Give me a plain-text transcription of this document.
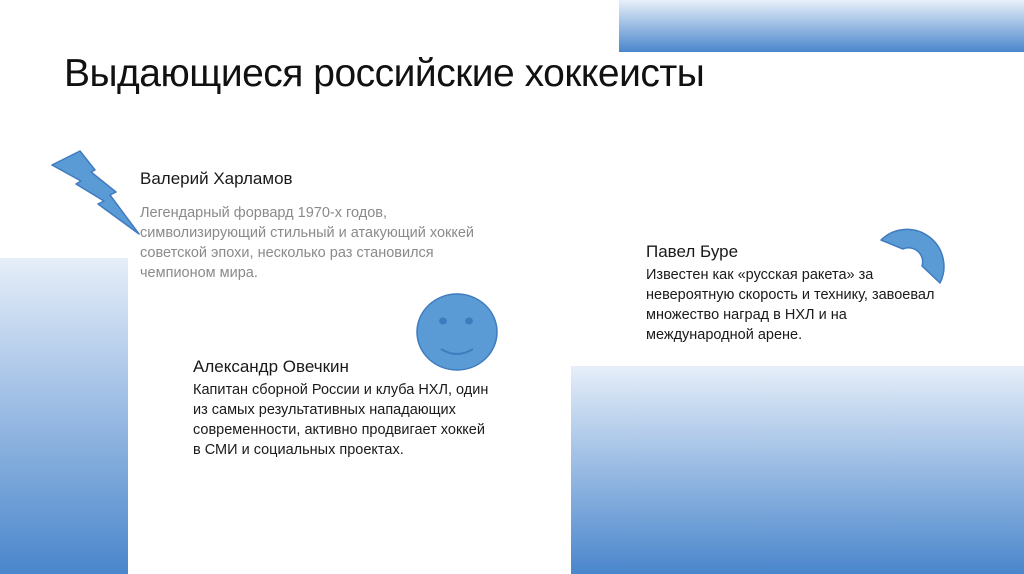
Выдающиеся российские хоккеисты
Валерий Харламов
Легендарный форвард 1970-х годов,
символизирующий стильный и атакующий хоккей
советской эпохи, несколько раз становился
чемпионом мира.
Александр Овечкин
Капитан сборной России и клуба НХЛ, один
из самых результативных нападающих
современности, активно продвигает хоккей
в СМИ и социальных проектах.
Павел Буре
Известен как «русская ракета» за
невероятную скорость и технику, завоевал
множество наград в НХЛ и на
международной арене.
